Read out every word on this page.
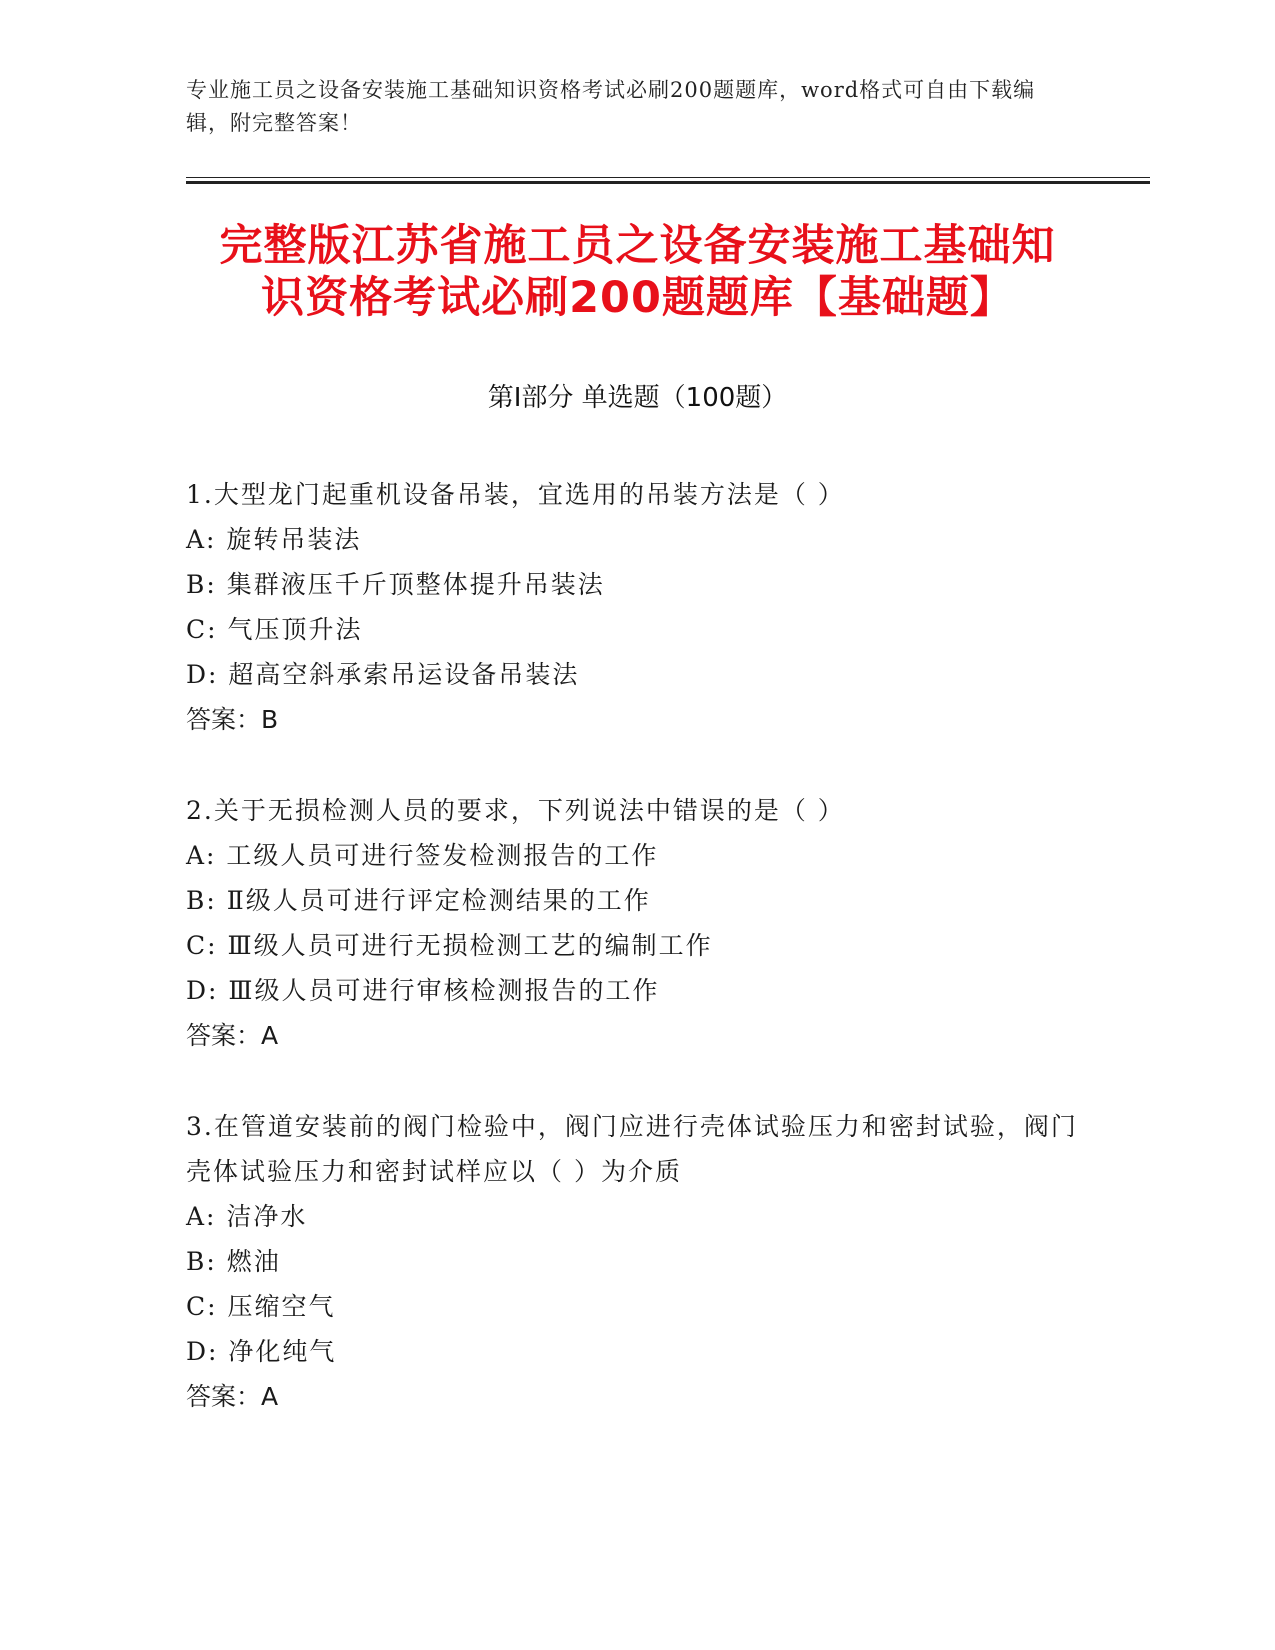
专业施工员之设备安装施工基础知识资格考试必刷200题题库，word格式可自由下载编辑，附完整答案！
完整版江苏省施工员之设备安装施工基础知
识资格考试必刷200题题库【基础题】
第Ⅰ部分 单选题（100题）
1.大型龙门起重机设备吊装，宜选用的吊装方法是（ ）
A: 旋转吊装法
B: 集群液压千斤顶整体提升吊装法
C: 气压顶升法
D: 超高空斜承索吊运设备吊装法
答案：B
2.关于无损检测人员的要求，下列说法中错误的是（ ）
A: 工级人员可进行签发检测报告的工作
B: Ⅱ级人员可进行评定检测结果的工作
C: Ⅲ级人员可进行无损检测工艺的编制工作
D: Ⅲ级人员可进行审核检测报告的工作
答案：A
3.在管道安装前的阀门检验中，阀门应进行壳体试验压力和密封试验，阀门壳体试验压力和密封试样应以（ ）为介质
A: 洁净水
B: 燃油
C: 压缩空气
D: 净化纯气
答案：A
